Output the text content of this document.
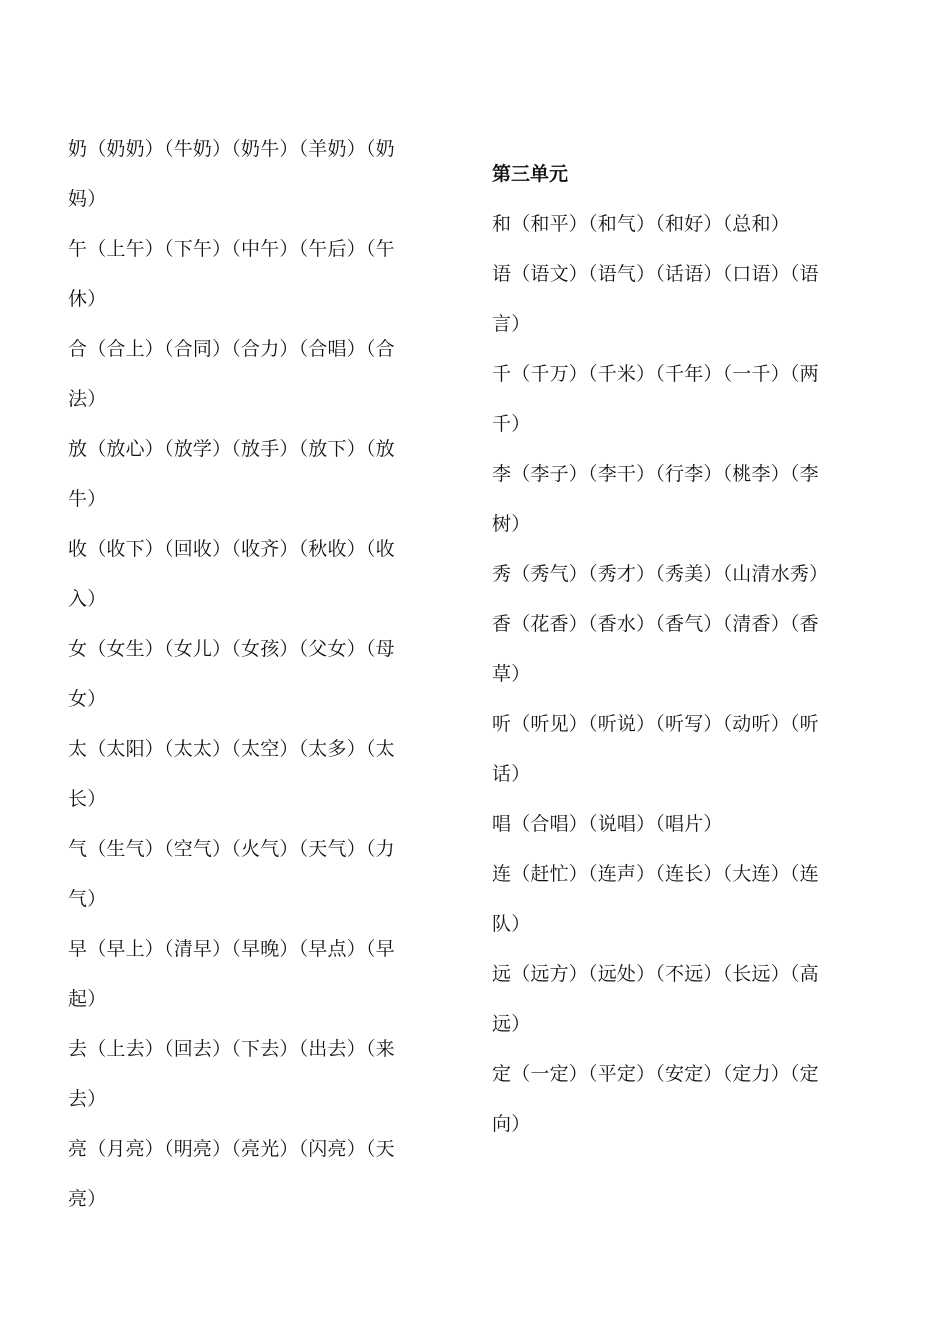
奶（奶奶）（牛奶）（奶牛）（羊奶）（奶
妈）
午（上午）（下午）（中午）（午后）（午
休）
合（合上）（合同）（合力）（合唱）（合
法）
放（放心）（放学）（放手）（放下）（放
牛）
收（收下）（回收）（收齐）（秋收）（收
入）
女（女生）（女儿）（女孩）（父女）（母
女）
太（太阳）（太太）（太空）（太多）（太
长）
气（生气）（空气）（火气）（天气）（力
气）
早（早上）（清早）（早晚）（早点）（早
起）
去（上去）（回去）（下去）（出去）（来
去）
亮（月亮）（明亮）（亮光）（闪亮）（天
亮）
第三单元
和（和平）（和气）（和好）（总和）
语（语文）（语气）（话语）（口语）（语
言）
千（千万）（千米）（千年）（一千）（两
千）
李（李子）（李干）（行李）（桃李）（李
树）
秀（秀气）（秀才）（秀美）（山清水秀）
香（花香）（香水）（香气）（清香）（香
草）
听（听见）（听说）（听写）（动听）（听
话）
唱（合唱）（说唱）（唱片）
连（赶忙）（连声）（连长）（大连）（连
队）
远（远方）（远处）（不远）（长远）（高
远）
定（一定）（平定）（安定）（定力）（定
向）
